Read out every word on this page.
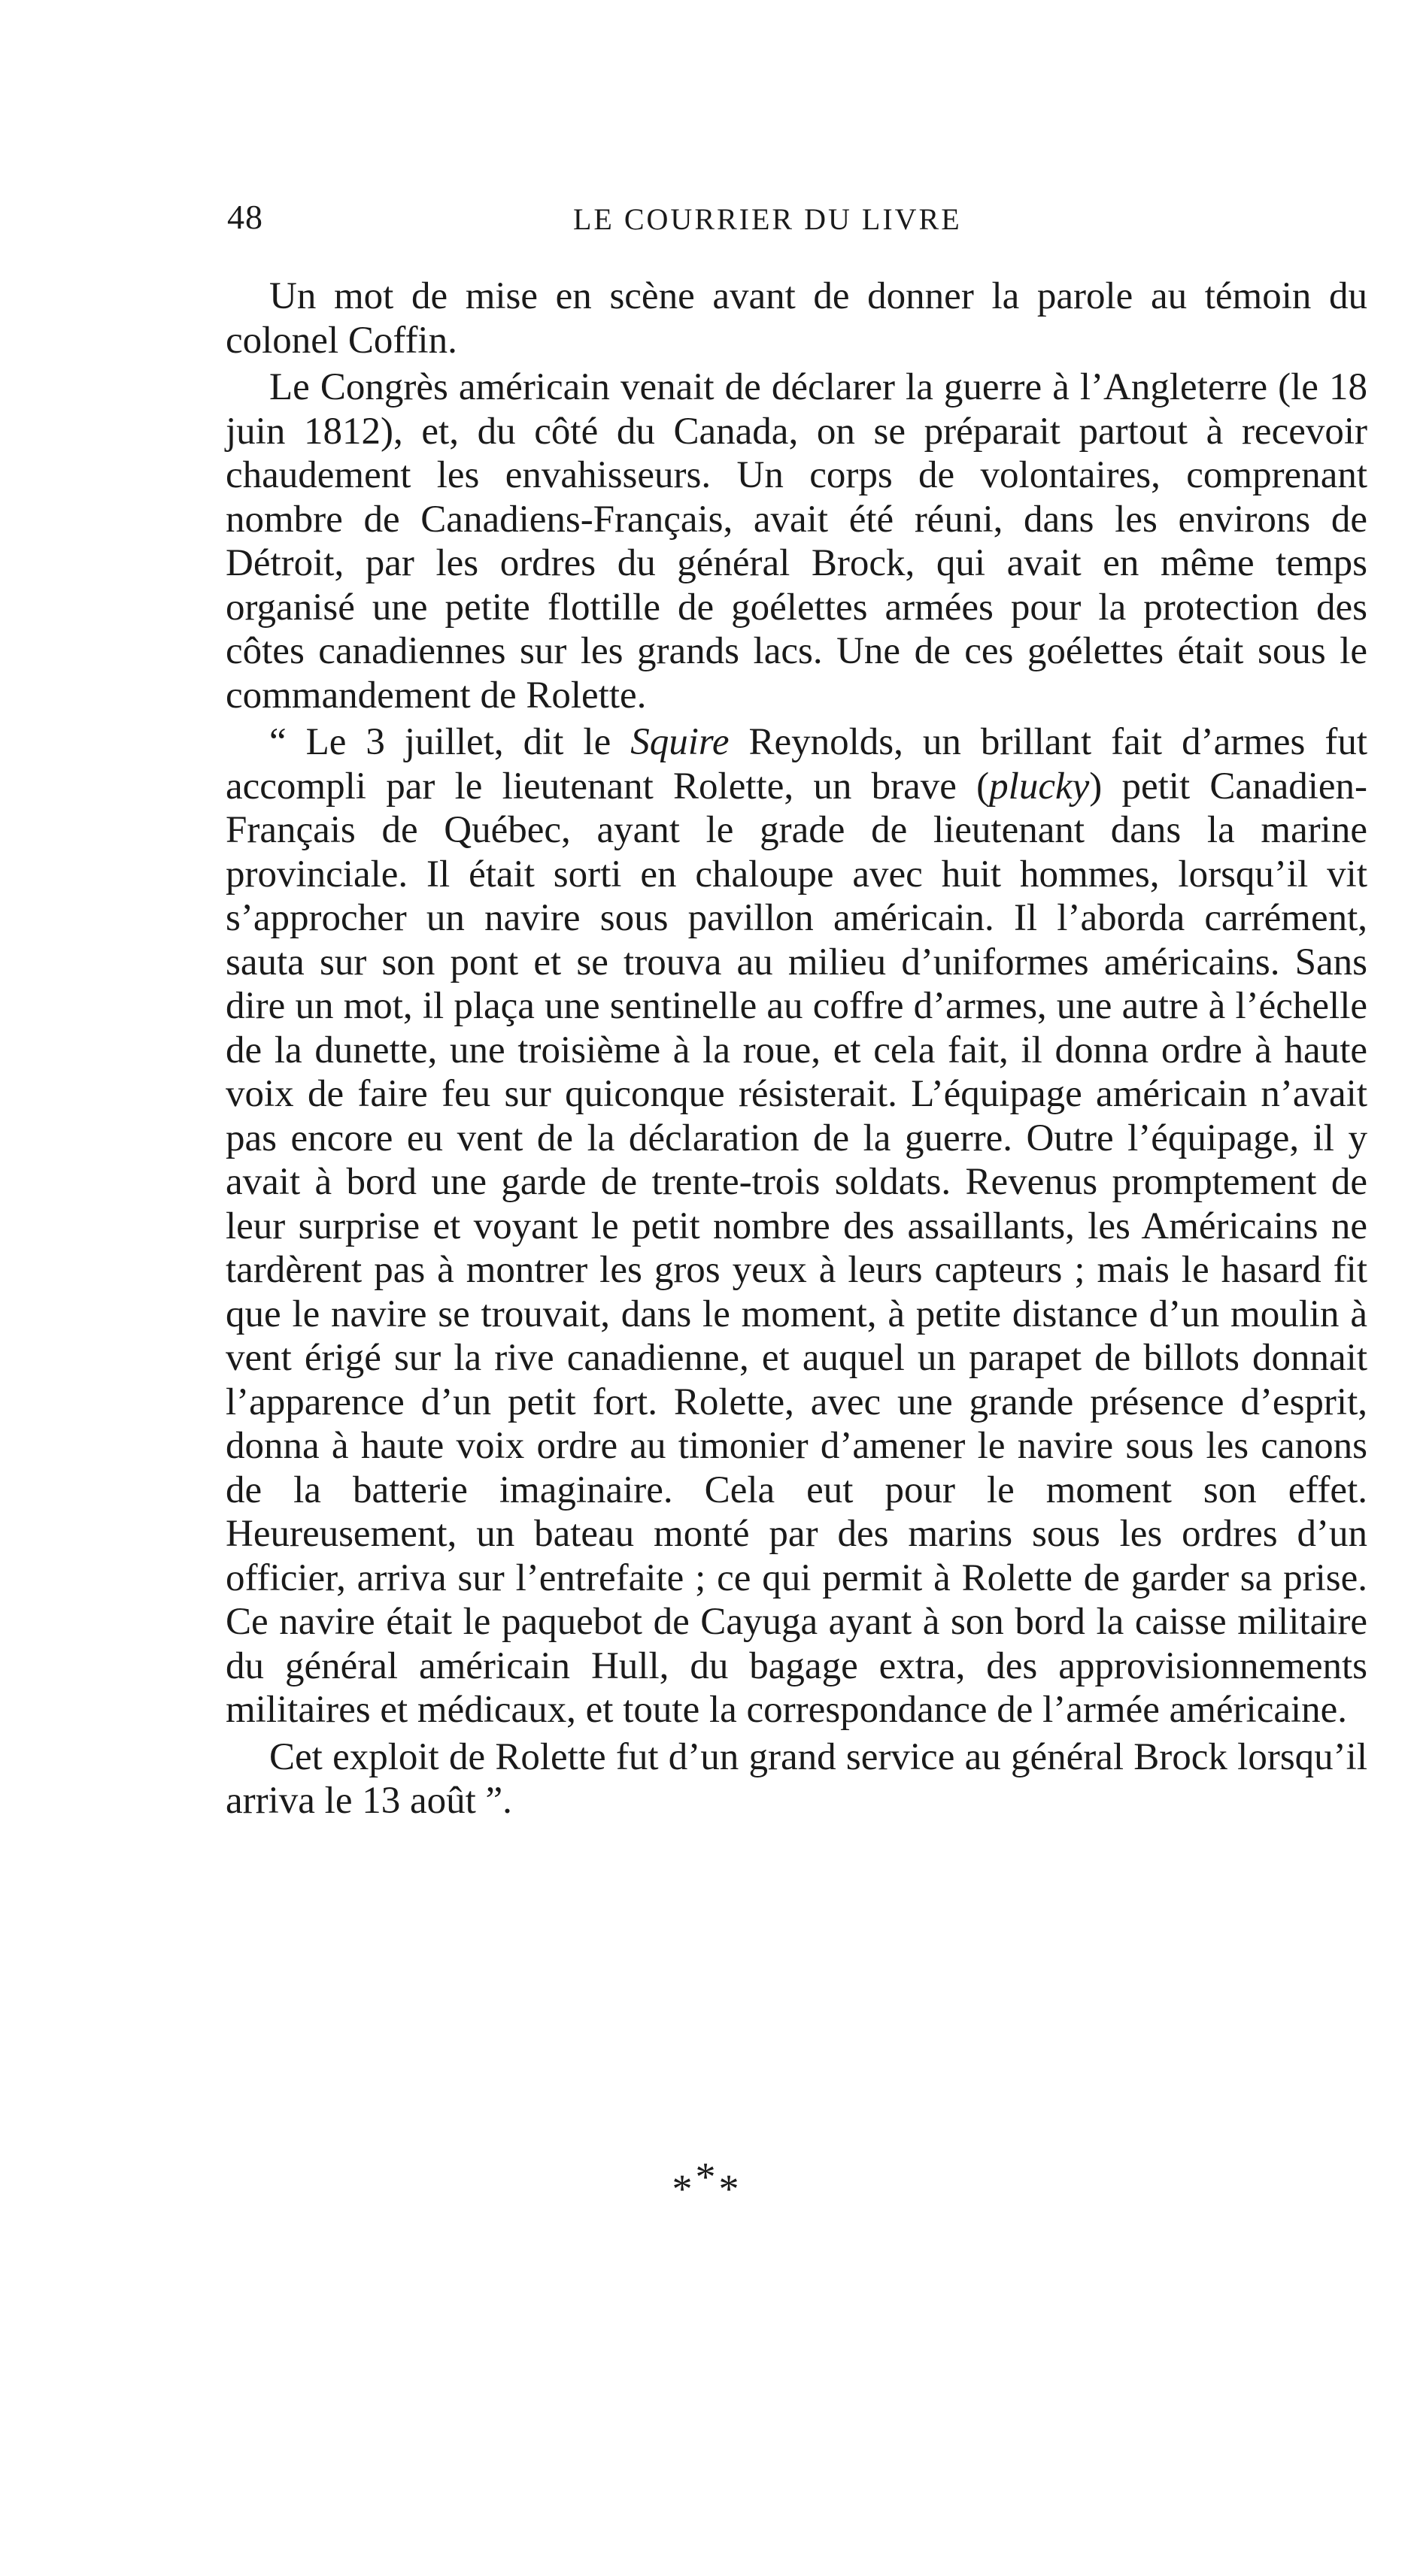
48	LE COURRIER DU LIVRE

Un mot de mise en scène avant de donner la parole au témoin du colonel Coffin.

Le Congrès américain venait de déclarer la guerre à l’Angleterre (le 18 juin 1812), et, du côté du Canada, on se préparait partout à recevoir chaudement les envahisseurs. Un corps de volontaires, comprenant nombre de Canadiens-Français, avait été réuni, dans les environs de Détroit, par les ordres du général Brock, qui avait en même temps organisé une petite flottille de goélettes armées pour la protection des côtes canadiennes sur les grands lacs. Une de ces goélettes était sous le commandement de Rolette.

“ Le 3 juillet, dit le Squire Reynolds, un brillant fait d’armes fut accompli par le lieutenant Rolette, un brave (plucky) petit Canadien-Français de Québec, ayant le grade de lieutenant dans la marine provinciale. Il était sorti en chaloupe avec huit hommes, lorsqu’il vit s’approcher un navire sous pavillon américain. Il l’aborda carrément, sauta sur son pont et se trouva au milieu d’uniformes américains. Sans dire un mot, il plaça une sentinelle au coffre d’armes, une autre à l’échelle de la dunette, une troisième à la roue, et cela fait, il donna ordre à haute voix de faire feu sur quiconque résisterait. L’équipage américain n’avait pas encore eu vent de la déclaration de la guerre. Outre l’équipage, il y avait à bord une garde de trente-trois soldats. Revenus promptement de leur surprise et voyant le petit nombre des assaillants, les Américains ne tardèrent pas à montrer les gros yeux à leurs capteurs ; mais le hasard fit que le navire se trouvait, dans le moment, à petite distance d’un moulin à vent érigé sur la rive canadienne, et auquel un parapet de billots donnait l’apparence d’un petit fort. Rolette, avec une grande présence d’esprit, donna à haute voix ordre au timonier d’amener le navire sous les canons de la batterie imaginaire. Cela eut pour le moment son effet. Heureusement, un bateau monté par des marins sous les ordres d’un officier, arriva sur l’entrefaite ; ce qui permit à Rolette de garder sa prise. Ce navire était le paquebot de Cayuga ayant à son bord la caisse militaire du général américain Hull, du bagage extra, des approvisionnements militaires et médicaux, et toute la correspondance de l’armée américaine.

Cet exploit de Rolette fut d’un grand service au général Brock lorsqu’il arriva le 13 août ”.

***
